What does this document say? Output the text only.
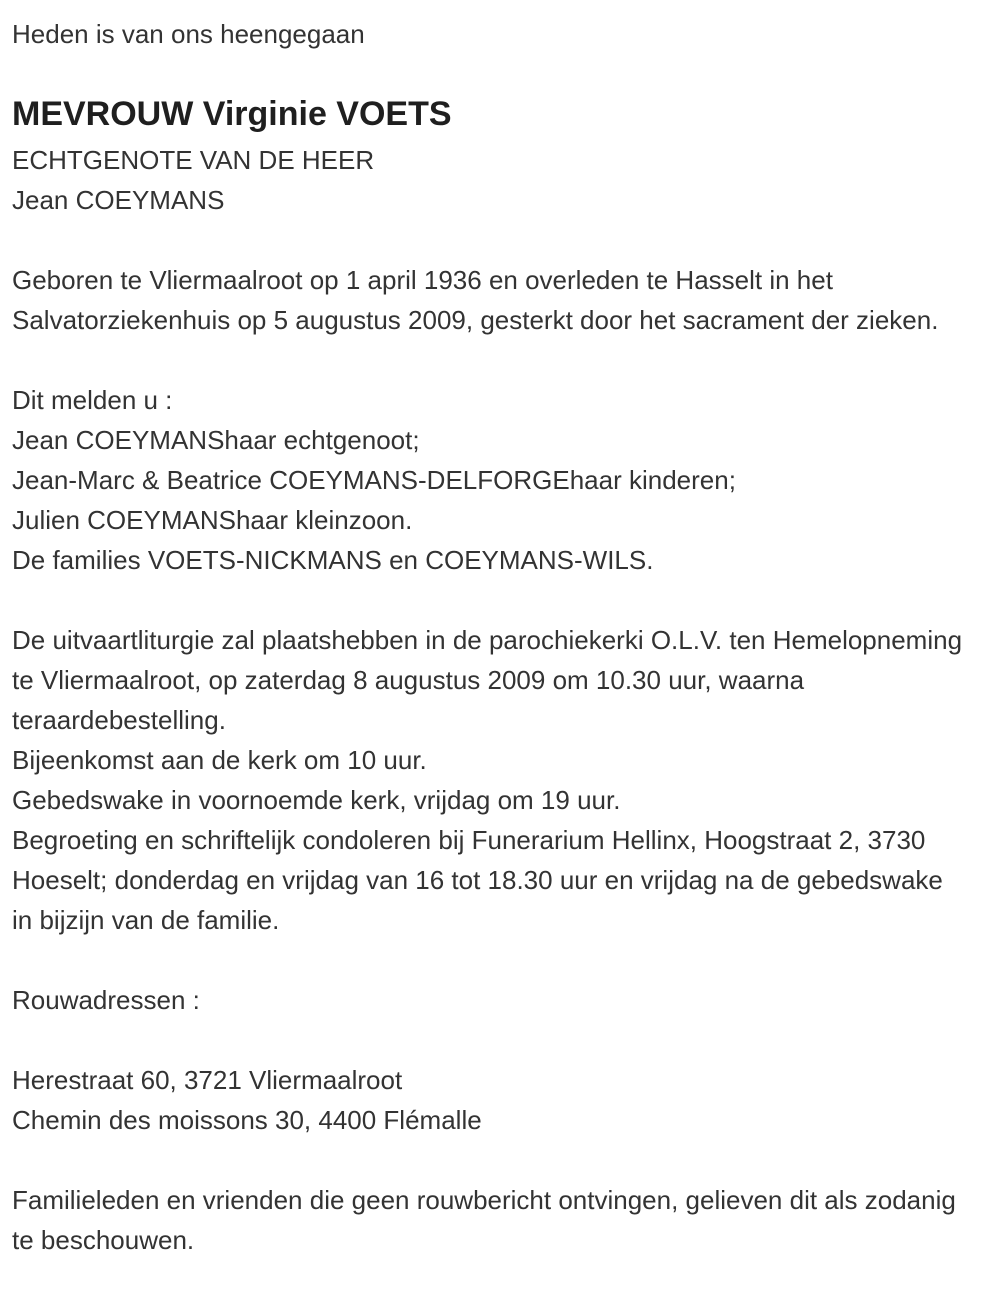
Heden is van ons heengegaan

MEVROUW Virginie VOETS

ECHTGENOTE VAN DE HEER

Jean COEYMANS

Geboren te Vliermaalroot op 1 april 1936 en overleden te Hasselt in het Salvatorziekenhuis op 5 augustus 2009, gesterkt door het sacrament der zieken.

Dit melden u :

Jean COEYMANShaar echtgenoot;

Jean-Marc & Beatrice COEYMANS-DELFORGEhaar kinderen;

Julien COEYMANShaar kleinzoon.

De families VOETS-NICKMANS en COEYMANS-WILS.

De uitvaartliturgie zal plaatshebben in de parochiekerki O.L.V. ten Hemelopneming te Vliermaalroot, op zaterdag 8 augustus 2009 om 10.30 uur, waarna teraardebestelling.

Bijeenkomst aan de kerk om 10 uur.

Gebedswake in voornoemde kerk, vrijdag om 19 uur.

Begroeting en schriftelijk condoleren bij Funerarium Hellinx, Hoogstraat 2, 3730 Hoeselt; donderdag en vrijdag van 16 tot 18.30 uur en vrijdag na de gebedswake in bijzijn van de familie.

Rouwadressen :

Herestraat 60, 3721 Vliermaalroot

Chemin des moissons 30, 4400 Flémalle

Familieleden en vrienden die geen rouwbericht ontvingen, gelieven dit als zodanig te beschouwen.
